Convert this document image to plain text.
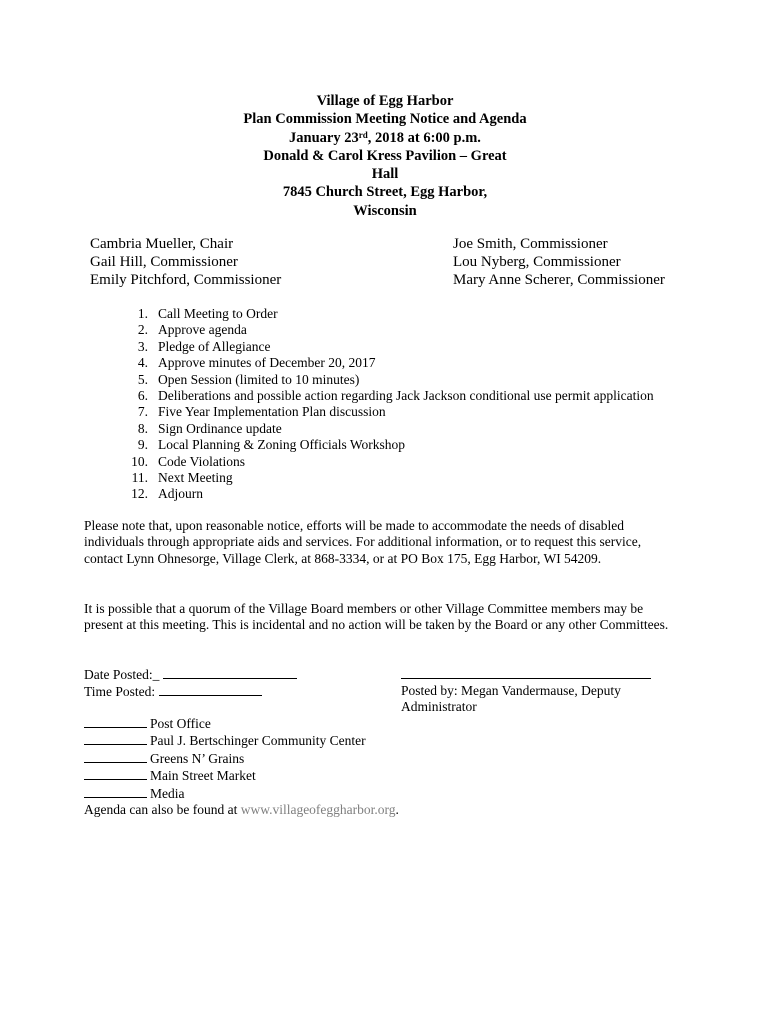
Village of Egg Harbor
Plan Commission Meeting Notice and Agenda
January 23rd, 2018 at 6:00 p.m.
Donald & Carol Kress Pavilion – Great
Hall
7845 Church Street, Egg Harbor,
Wisconsin
Cambria Mueller, Chair
Gail Hill, Commissioner
Emily Pitchford, Commissioner
Joe Smith, Commissioner
Lou Nyberg, Commissioner
Mary Anne Scherer, Commissioner
1. Call Meeting to Order
2. Approve agenda
3. Pledge of Allegiance
4. Approve minutes of December 20, 2017
5. Open Session (limited to 10 minutes)
6. Deliberations and possible action regarding Jack Jackson conditional use permit application
7. Five Year Implementation Plan discussion
8. Sign Ordinance update
9. Local Planning & Zoning Officials Workshop
10. Code Violations
11. Next Meeting
12. Adjourn
Please note that, upon reasonable notice, efforts will be made to accommodate the needs of disabled
individuals through appropriate aids and services. For additional information, or to request this service,
contact Lynn Ohnesorge, Village Clerk, at 868-3334, or at PO Box 175, Egg Harbor, WI 54209.
It is possible that a quorum of the Village Board members or other Village Committee members may be
present at this meeting. This is incidental and no action will be taken by the Board or any other Committees.
Date Posted:_
Time Posted:	Posted by: Megan Vandermause, Deputy
Administrator
Post Office
Paul J. Bertschinger Community Center
Greens N’ Grains
Main Street Market
Media
Agenda can also be found at www.villageofeggharbor.org.
